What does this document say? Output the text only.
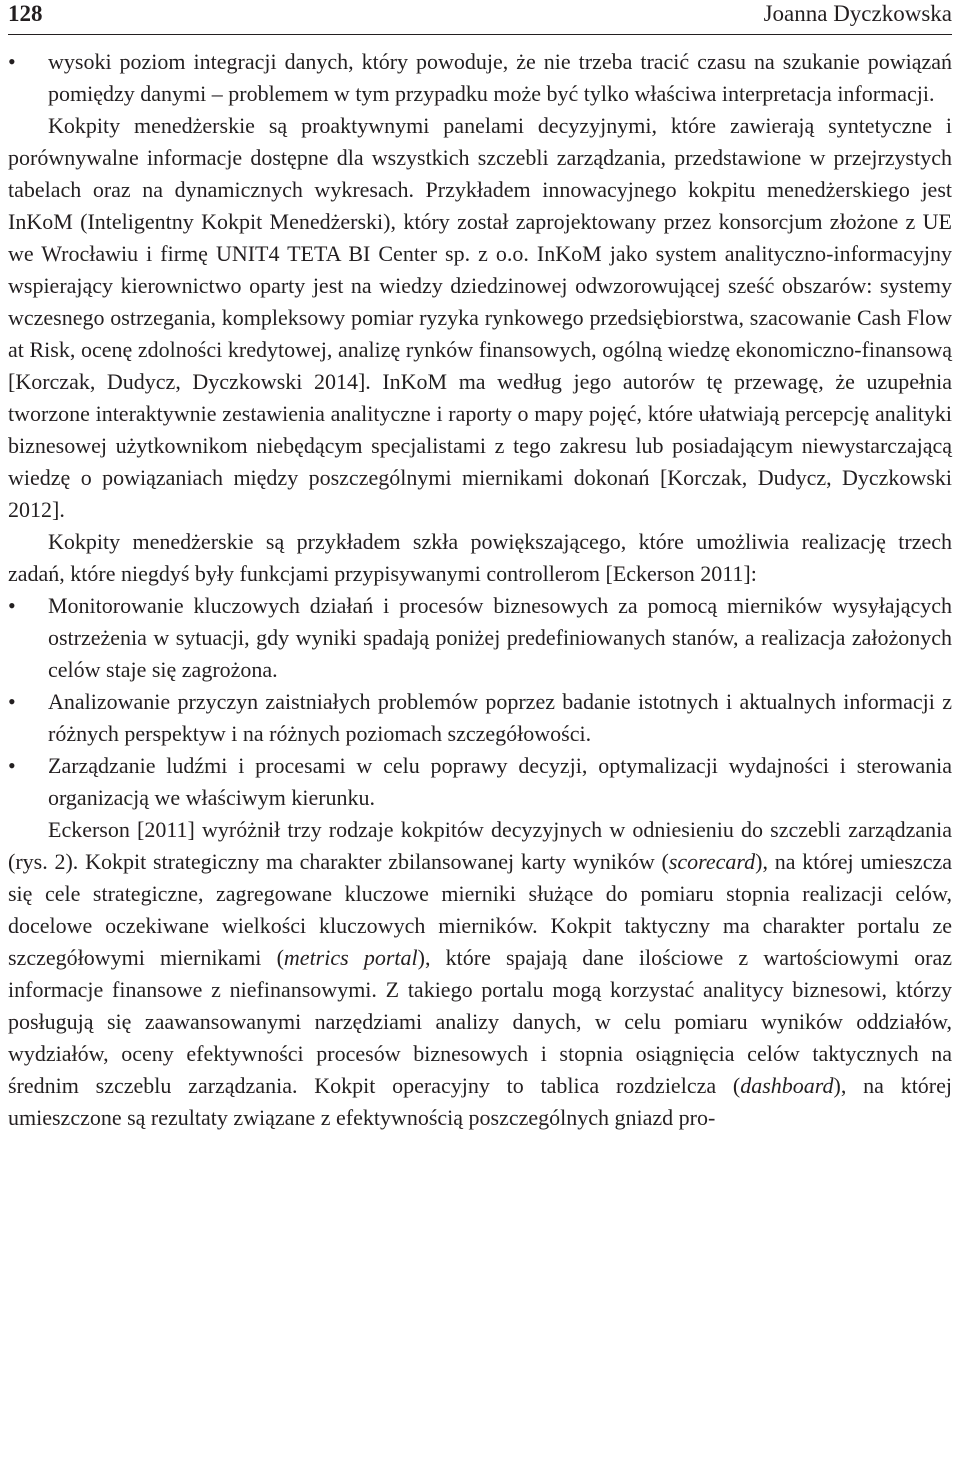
128	Joanna Dyczkowska
• wysoki poziom integracji danych, który powoduje, że nie trzeba tracić czasu na szukanie powiązań pomiędzy danymi – problemem w tym przypadku może być tylko właściwa interpretacja informacji.

Kokpity menedżerskie są proaktywnymi panelami decyzyjnymi, które zawierają syntetyczne i porównywalne informacje dostępne dla wszystkich szczebli zarządzania, przedstawione w przejrzystych tabelach oraz na dynamicznych wykresach. Przykładem innowacyjnego kokpitu menedżerskiego jest InKoM (Inteligentny Kokpit Menedżerski), który został zaprojektowany przez konsorcjum złożone z UE we Wrocławiu i firmę UNIT4 TETA BI Center sp. z o.o. InKoM jako system analityczno-informacyjny wspierający kierownictwo oparty jest na wiedzy dziedzinowej odwzorowującej sześć obszarów: systemy wczesnego ostrzegania, kompleksowy pomiar ryzyka rynkowego przedsiębiorstwa, szacowanie Cash Flow at Risk, ocenę zdolności kredytowej, analizę rynków finansowych, ogólną wiedzę ekonomiczno-finansową [Korczak, Dudycz, Dyczkowski 2014]. InKoM ma według jego autorów tę przewagę, że uzupełnia tworzone interaktywnie zestawienia analityczne i raporty o mapy pojęć, które ułatwiają percepcję analityki biznesowej użytkownikom niebędącym specjalistami z tego zakresu lub posiadającym niewystarczającą wiedzę o powiązaniach między poszczególnymi miernikami dokonań [Korczak, Dudycz, Dyczkowski 2012].

Kokpity menedżerskie są przykładem szkła powiększającego, które umożliwia realizację trzech zadań, które niegdyś były funkcjami przypisywanymi controllerom [Eckerson 2011]:

• Monitorowanie kluczowych działań i procesów biznesowych za pomocą mierników wysyłających ostrzeżenia w sytuacji, gdy wyniki spadają poniżej predefiniowanych stanów, a realizacja założonych celów staje się zagrożona.
• Analizowanie przyczyn zaistniałych problemów poprzez badanie istotnych i aktualnych informacji z różnych perspektyw i na różnych poziomach szczegółowości.
• Zarządzanie ludźmi i procesami w celu poprawy decyzji, optymalizacji wydajności i sterowania organizacją we właściwym kierunku.

Eckerson [2011] wyróżnił trzy rodzaje kokpitów decyzyjnych w odniesieniu do szczebli zarządzania (rys. 2). Kokpit strategiczny ma charakter zbilansowanej karty wyników (scorecard), na której umieszcza się cele strategiczne, zagregowane kluczowe mierniki służące do pomiaru stopnia realizacji celów, docelowe oczekiwane wielkości kluczowych mierników. Kokpit taktyczny ma charakter portalu ze szczegółowymi miernikami (metrics portal), które spajają dane ilościowe z wartościowymi oraz informacje finansowe z niefinansowymi. Z takiego portalu mogą korzystać analitycy biznesowi, którzy posługują się zaawansowanymi narzędziami analizy danych, w celu pomiaru wyników oddziałów, wydziałów, oceny efektywności procesów biznesowych i stopnia osiągnięcia celów taktycznych na średnim szczeblu zarządzania. Kokpit operacyjny to tablica rozdzielcza (dashboard), na której umieszczone są rezultaty związane z efektywnością poszczególnych gniazd pro-
